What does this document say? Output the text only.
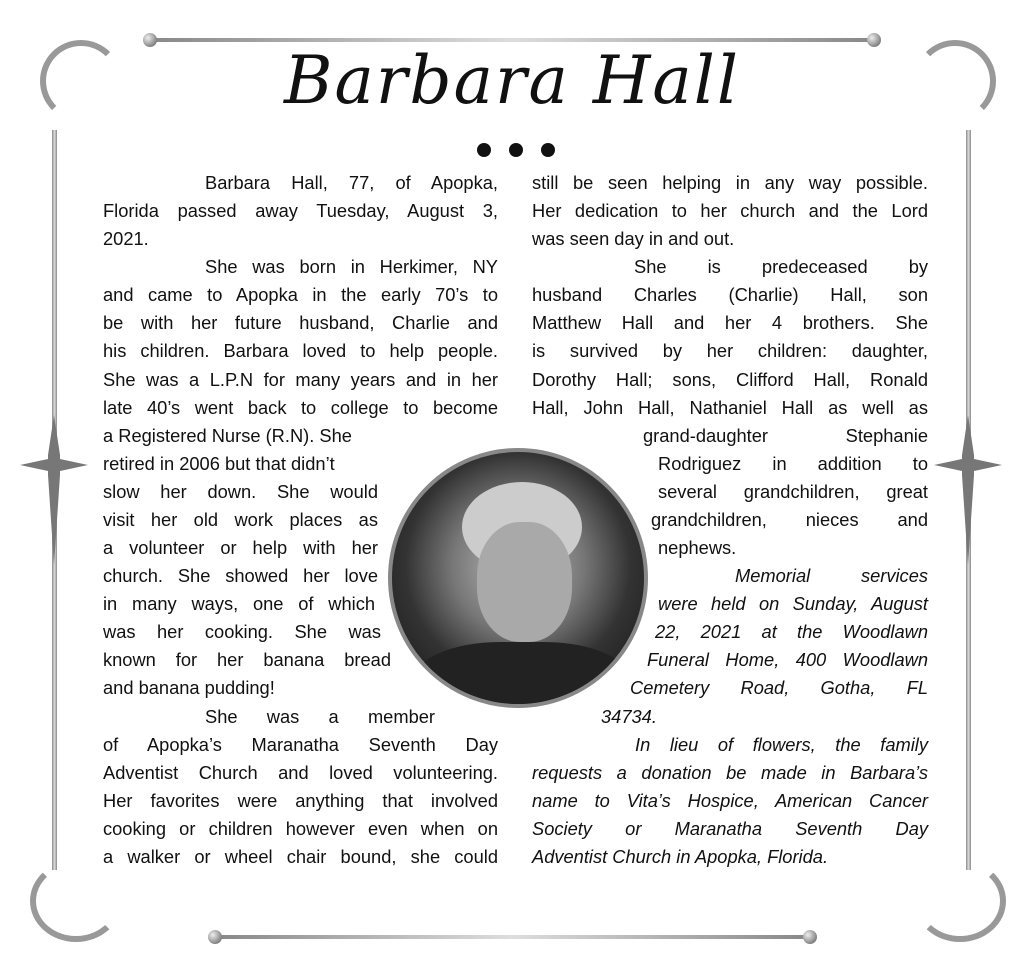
Barbara Hall
Barbara Hall, 77, of Apopka,
Florida passed away Tuesday, August 3,
2021.
She was born in Herkimer, NY
and came to Apopka in the early 70’s to
be with her future husband, Charlie and
his children. Barbara loved to help people.
She was a L.P.N for many years and in her
late 40’s went back to college to become
a Registered Nurse (R.N). She
retired in 2006 but that didn’t
slow her down. She would
visit her old work places as
a volunteer or help with her
church. She showed her love
in many ways, one of which
was her cooking. She was
known for her banana bread
and banana pudding!
She was a member
of Apopka’s Maranatha Seventh Day
Adventist Church and loved volunteering.
Her favorites were anything that involved
cooking or children however even when on
a walker or wheel chair bound, she could
still be seen helping in any way possible.
Her dedication to her church and the Lord
was seen day in and out.
She is predeceased by
husband Charles (Charlie) Hall, son
Matthew Hall and her 4 brothers. She
is survived by her children: daughter,
Dorothy Hall; sons, Clifford Hall, Ronald
Hall, John Hall, Nathaniel Hall as well as
grand-daughter Stephanie
Rodriguez in addition to
several grandchildren, great
grandchildren, nieces and
nephews.
Memorial services
were held on Sunday, August
22, 2021 at the Woodlawn
Funeral Home, 400 Woodlawn
Cemetery Road, Gotha, FL
34734.
In lieu of flowers, the family
requests a donation be made in Barbara’s
name to Vita’s Hospice, American Cancer
Society or Maranatha Seventh Day
Adventist Church in Apopka, Florida.
